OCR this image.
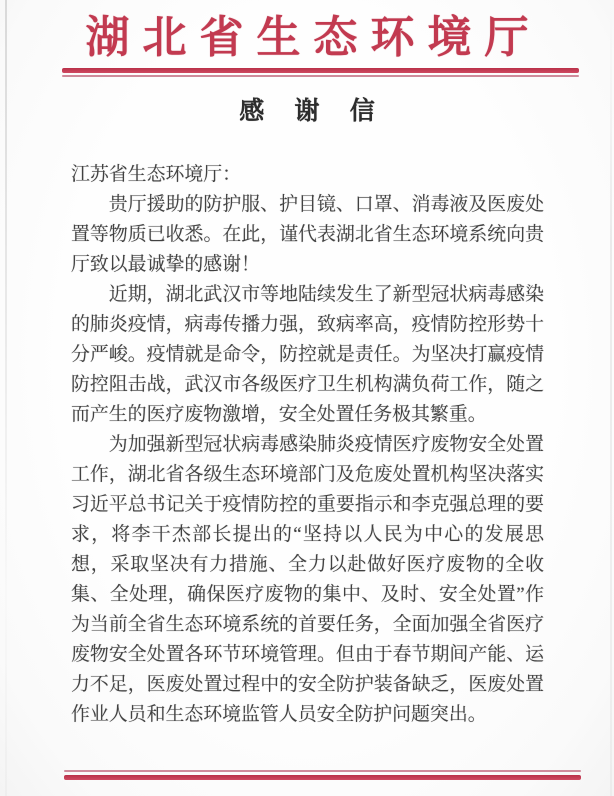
湖北省生态环境厅
感 谢 信

江苏省生态环境厅：

贵厅援助的防护服、护目镜、口罩、消毒液及医废处置等物质已收悉。在此，谨代表湖北省生态环境系统向贵厅致以最诚挚的感谢！

近期，湖北武汉市等地陆续发生了新型冠状病毒感染的肺炎疫情，病毒传播力强，致病率高，疫情防控形势十分严峻。疫情就是命令，防控就是责任。为坚决打赢疫情防控阻击战，武汉市各级医疗卫生机构满负荷工作，随之而产生的医疗废物激增，安全处置任务极其繁重。

为加强新型冠状病毒感染肺炎疫情医疗废物安全处置工作，湖北省各级生态环境部门及危废处置机构坚决落实习近平总书记关于疫情防控的重要指示和李克强总理的要求，将李干杰部长提出的“坚持以人民为中心的发展思想，采取坚决有力措施、全力以赴做好医疗废物的全收集、全处理，确保医疗废物的集中、及时、安全处置”作为当前全省生态环境系统的首要任务，全面加强全省医疗废物安全处置各环节环境管理。但由于春节期间产能、运力不足，医废处置过程中的安全防护装备缺乏，医废处置作业人员和生态环境监管人员安全防护问题突出。
